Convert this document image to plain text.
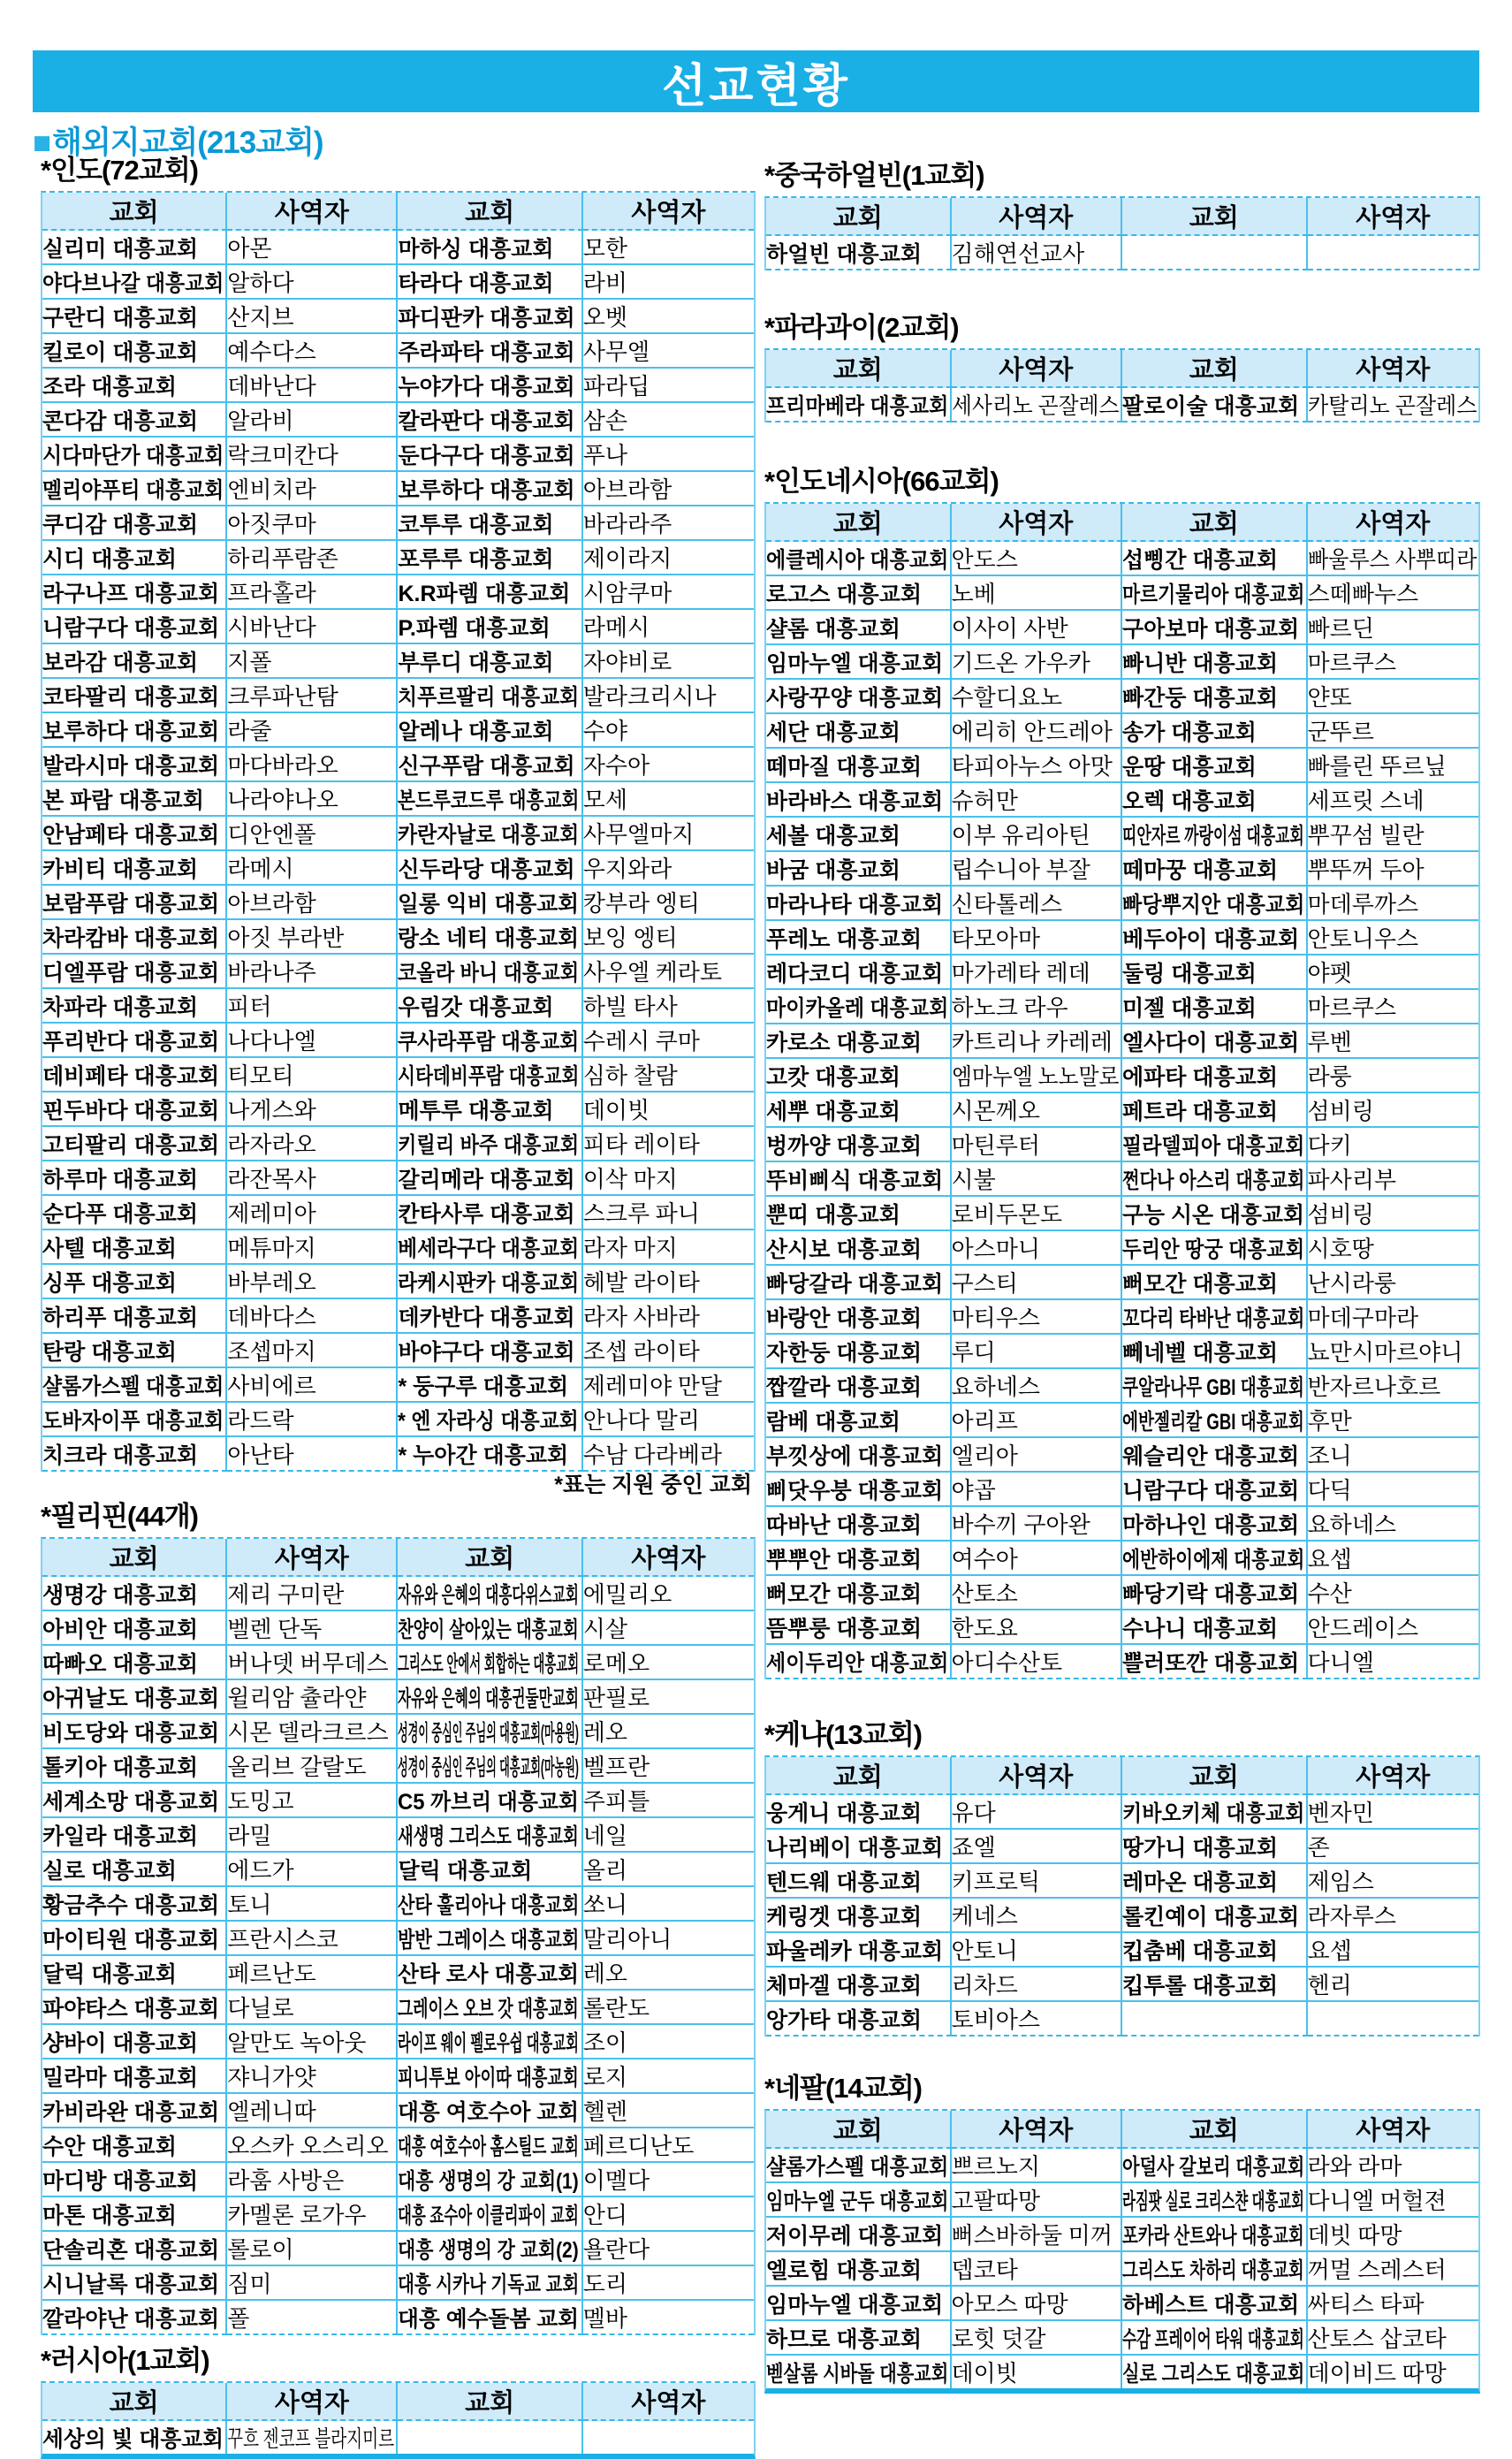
선교현황
■해외지교회(213교회)
*인도(72교회)
교회	사역자	교회	사역자
실리미 대흥교회	아몬	마하싱 대흥교회	모한
야다브나갈 대흥교회	알하다	타라다 대흥교회	라비
구란디 대흥교회	산지브	파디판카 대흥교회	오벳
킬로이 대흥교회	예수다스	주라파타 대흥교회	사무엘
조라 대흥교회	데바난다	누야가다 대흥교회	파라딥
콘다감 대흥교회	알라비	칼라판다 대흥교회	삼손
시다마단가 대흥교회	락크미칸다	둔다구다 대흥교회	푸나
멜리야푸티 대흥교회	엔비치라	보루하다 대흥교회	아브라함
쿠디감 대흥교회	아짓쿠마	코투루 대흥교회	바라라주
시디 대흥교회	하리푸람존	포루루 대흥교회	제이라지
라구나프 대흥교회	프라홀라	K.R파렘 대흥교회	시암쿠마
니람구다 대흥교회	시바난다	P.파렘 대흥교회	라메시
보라감 대흥교회	지폴	부루디 대흥교회	자야비로
코타팔리 대흥교회	크루파난탐	치푸르팔리 대흥교회	발라크리시나
보루하다 대흥교회	라줄	알레나 대흥교회	수야
발라시마 대흥교회	마다바라오	신구푸람 대흥교회	자수아
본 파람 대흥교회	나라야나오	본드루코드루 대흥교회	모세
안남페타 대흥교회	디안엔폴	카란자날로 대흥교회	사무엘마지
카비티 대흥교회	라메시	신두라당 대흥교회	우지와라
보람푸람 대흥교회	아브라함	일롱 익비 대흥교회	캉부라 엥티
차라캄바 대흥교회	아짓 부라반	랑소 네티 대흥교회	보잉 엥티
디엘푸람 대흥교회	바라나주	코올라 바니 대흥교회	사우엘 케라토
차파라 대흥교회	피터	우림갓 대흥교회	하빌 타사
푸리반다 대흥교회	나다나엘	쿠사라푸람 대흥교회	수레시 쿠마
데비페타 대흥교회	티모티	시타데비푸람 대흥교회	심하 찰람
핀두바다 대흥교회	나게스와	메투루 대흥교회	데이빗
고티팔리 대흥교회	라자라오	키릴리 바주 대흥교회	피타 레이타
하루마 대흥교회	라잔목사	갈리메라 대흥교회	이삭 마지
순다푸 대흥교회	제레미아	칸타사루 대흥교회	스크루 파니
사텔 대흥교회	메튜마지	베세라구다 대흥교회	라자 마지
싱푸 대흥교회	바부레오	라케시판카 대흥교회	헤발 라이타
하리푸 대흥교회	데바다스	데카반다 대흥교회	라자 사바라
탄랑 대흥교회	조셉마지	바야구다 대흥교회	조셉 라이타
샬롬가스펠 대흥교회	사비에르	* 둥구루 대흥교회	제레미야 만달
도바자이푸 대흥교회	라드락	* 엔 자라싱 대흥교회	안나다 말리
치크라 대흥교회	아난타	* 누아간 대흥교회	수남 다라베라
*표는 지원 중인 교회
*필리핀(44개)
교회	사역자	교회	사역자
생명강 대흥교회	제리 구미란	자유와 은혜의 대흥다위스교회	에밀리오
아비안 대흥교회	벨렌 단독	찬양이 살아있는 대흥교회	시살
따빠오 대흥교회	버나뎃 버무데스	그리스도 안에서 회합하는 대흥교회	로메오
아귀날도 대흥교회	윌리암 츌라얀	자유와 은혜의 대흥귄둘만교회	판필로
비도당와 대흥교회	시몬 델라크르스	성경이 중심인 주님의 대흥교회(마용원)	레오
톨키아 대흥교회	올리브 갈랄도	성경이 중심인 주님의 대흥교회(마농원)	벨프란
세계소망 대흥교회	도밍고	C5 까브리 대흥교회	주피틀
카일라 대흥교회	라밀	새생명 그리스도 대흥교회	네일
실로 대흥교회	에드가	달릭 대흥교회	올리
황금추수 대흥교회	토니	산타 훌리아나 대흥교회	쏘니
마이티원 대흥교회	프란시스코	밤반 그레이스 대흥교회	말리아니
달릭 대흥교회	페르난도	산타 로사 대흥교회	레오
파야타스 대흥교회	다닐로	그레이스 오브 갓 대흥교회	롤란도
샹바이 대흥교회	알만도 녹아웃	라이프 웨이 펠로우쉽 대흥교회	조이
밀라마 대흥교회	쟈니가얏	피니투보 아이따 대흥교회	로지
카비라완 대흥교회	엘레니따	대흥 여호수아 교회	헬렌
수안 대흥교회	오스카 오스리오	대흥 여호수아 홈스틸드 교회	페르디난도
마디방 대흥교회	라훔 사방은	대흥 생명의 강 교회(1)	이멜다
마톤 대흥교회	카멜론 로가우	대흥 죠수아 이클리파이 교회	안디
단솔리혼 대흥교회	롤로이	대흥 생명의 강 교회(2)	욜란다
시니날록 대흥교회	짐미	대흥 시카나 기독교 교회	도리
깔라야난 대흥교회	폴	대흥 예수돌봄 교회	멜바
*러시아(1교회)
교회	사역자	교회	사역자
세상의 빛 대흥교회	꾸흐 젠코프 블라지미르		
*중국하얼빈(1교회)
교회	사역자	교회	사역자
하얼빈 대흥교회	김해연선교사		
*파라과이(2교회)
교회	사역자	교회	사역자
프리마베라 대흥교회	세사리노 곤잘레스	팔로이술 대흥교회	카탈리노 곤잘레스
*인도네시아(66교회)
교회	사역자	교회	사역자
에클레시아 대흥교회	안도스	섭삥간 대흥교회	빠울루스 사뿌띠라
로고스 대흥교회	노베	마르기물리아 대흥교회	스떼빠누스
샬롬 대흥교회	이사이 사반	구아보마 대흥교회	빠르딘
임마누엘 대흥교회	기드온 가우카	빠니반 대흥교회	마르쿠스
사랑꾸양 대흥교회	수할디요노	빠간둥 대흥교회	얀또
세단 대흥교회	에리히 안드레아	송가 대흥교회	군뚜르
떼마질 대흥교회	타피아누스 아맛	운땅 대흥교회	빠를린 뚜르닢
바라바스 대흥교회	슈허만	오렉 대흥교회	세프릿 스네
세볼 대흥교회	이부 유리아틴	띠안자르 까랑이섬 대흥교회	뿌꾸섬 빌란
바굼 대흥교회	립수니아 부잘	떼마꿍 대흥교회	뿌뚜꺼 두아
마라나타 대흥교회	신타톨레스	빠당뿌지안 대흥교회	마데루까스
푸레노 대흥교회	타모아마	베두아이 대흥교회	안토니우스
레다코디 대흥교회	마가레타 레데	둘링 대흥교회	야펫
마이카올레 대흥교회	하노크 라우	미젤 대흥교회	마르쿠스
카로소 대흥교회	카트리나 카레레	엘사다이 대흥교회	루벤
고캇 대흥교회	엠마누엘 노노말로	에파타 대흥교회	라룽
세뿌 대흥교회	시몬께오	페트라 대흥교회	섬비링
벙까양 대흥교회	마틴루터	필라델피아 대흥교회	다키
뚜비삐식 대흥교회	시불	쩐다나 아스리 대흥교회	파사리부
뿐띠 대흥교회	로비두몬도	구능 시온 대흥교회	섬비링
산시보 대흥교회	아스마니	두리안 땅궁 대흥교회	시호땅
빠당갈라 대흥교회	구스티	뻐모간 대흥교회	난시라룽
바랑안 대흥교회	마티우스	꼬다리 타바난 대흥교회	마데구마라
자한둥 대흥교회	루디	뻬네벨 대흥교회	뇨만시마르야니
짭깔라 대흥교회	요하네스	쿠알라나무 GBI 대흥교회	반자르나호르
람베 대흥교회	아리프	에반젤리칼 GBI 대흥교회	후만
부낏상에 대흥교회	엘리아	웨슬리안 대흥교회	조니
삐닷우붕 대흥교회	야곱	니람구다 대흥교회	다딕
따바난 대흥교회	바수끼 구아완	마하나인 대흥교회	요하네스
뿌뿌안 대흥교회	여수아	에반하이에제 대흥교회	요셉
뻐모간 대흥교회	산토소	빠당기락 대흥교회	수산
뜸뿌룽 대흥교회	한도요	수나니 대흥교회	안드레이스
세이두리안 대흥교회	아디수산토	쁠러또깐 대흥교회	다니엘
*케냐(13교회)
교회	사역자	교회	사역자
웅게니 대흥교회	유다	키바오키체 대흥교회	벤자민
나리베이 대흥교회	죠엘	땅가니 대흥교회	존
텐드웨 대흥교회	키프로틱	레마온 대흥교회	제임스
케링겟 대흥교회	케네스	롤킨예이 대흥교회	라자루스
파울레카 대흥교회	안토니	킵춤베 대흥교회	요셉
체마겔 대흥교회	리차드	킵투롤 대흥교회	헨리
앙가타 대흥교회	토비아스		
*네팔(14교회)
교회	사역자	교회	사역자
샬롬가스펠 대흥교회	쁘르노지	아덜사 갈보리 대흥교회	라와 라마
임마누엘 군두 대흥교회	고팔따망	라짐팟 실로 크리스챤 대흥교회	다니엘 머헐젼
저이무레 대흥교회	뻐스바하둘 미꺼	포카라 산트와나 대흥교회	데빗 따망
엘로힘 대흥교회	뎁코타	그리스도 차하리 대흥교회	꺼멀 스레스터
임마누엘 대흥교회	아모스 따망	하베스트 대흥교회	싸티스 타파
하므로 대흥교회	로힛 덧갈	수감 프레이어 타워 대흥교회	산토스 삽코타
벧살롬 시바돌 대흥교회	데이빗	실로 그리스도 대흥교회	데이비드 따망
